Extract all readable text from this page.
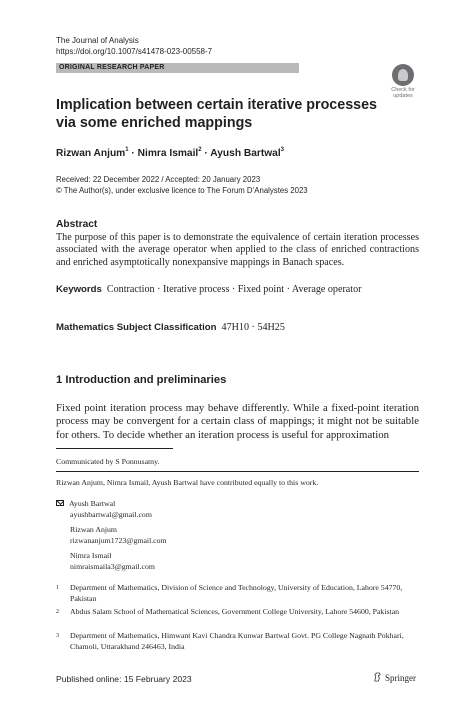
The Journal of Analysis
https://doi.org/10.1007/s41478-023-00558-7
ORIGINAL RESEARCH PAPER
Check for
updates
Implication between certain iterative processes via some enriched mappings
Rizwan Anjum$^1$ · Nimra Ismail$^2$ · Ayush Bartwal$^3$
Received: 22 December 2022 / Accepted: 20 January 2023
© The Author(s), under exclusive licence to The Forum D’Analystes 2023
Abstract
The purpose of this paper is to demonstrate the equivalence of certain iteration processes associated with the average operator when applied to the class of enriched contractions and enriched asymptotically nonexpansive mappings in Banach spaces.
Keywords Contraction · Iterative process · Fixed point · Average operator
Mathematics Subject Classification 47H10 · 54H25
1 Introduction and preliminaries
Fixed point iteration process may behave differently. While a fixed-point iteration process may be convergent for a certain class of mappings; it might not be suitable for others. To decide whether an iteration process is useful for approximation
Communicated by S Ponnusamy.
Rizwan Anjum, Nimra Ismail, Ayush Bartwal have contributed equally to this work.
Ayush Bartwal
ayushbartwal@gmail.com
Rizwan Anjum
rizwananjum1723@gmail.com
Nimra Ismail
nimraismaila3@gmail.com
1 Department of Mathematics, Division of Science and Technology, University of Education, Lahore 54770, Pakistan
2 Abdus Salam School of Mathematical Sciences, Government College University, Lahore 54600, Pakistan
3 Department of Mathematics, Himwant Kavi Chandra Kunwar Bartwal Govt. PG College Nagnath Pokhari, Chamoli, Uttarakhand 246463, India
Published online: 15 February 2023	Springer
